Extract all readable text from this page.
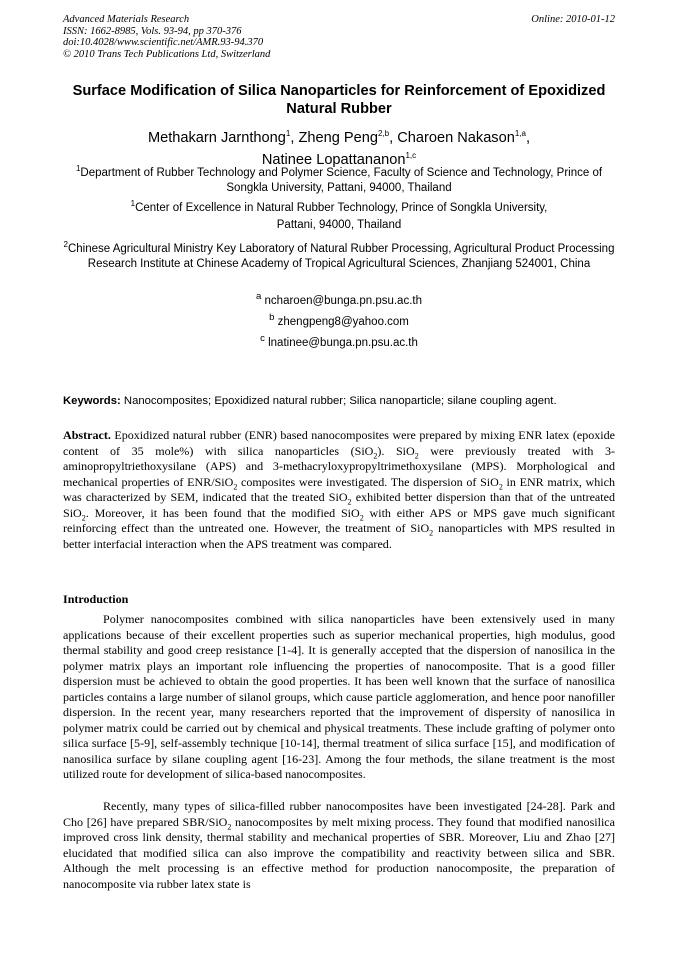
Advanced Materials Research
ISSN: 1662-8985, Vols. 93-94, pp 370-376
doi:10.4028/www.scientific.net/AMR.93-94.370
© 2010 Trans Tech Publications Ltd, Switzerland
Online: 2010-01-12
Surface Modification of Silica Nanoparticles for Reinforcement of Epoxidized Natural Rubber
Methakarn Jarnthong$^1$, Zheng Peng$^{2,b}$, Charoen Nakason$^{1,a}$,
Natinee Lopattananon$^{1,c}$
$^1$Department of Rubber Technology and Polymer Science, Faculty of Science and Technology, Prince of Songkla University, Pattani, 94000, Thailand
$^1$Center of Excellence in Natural Rubber Technology, Prince of Songkla University,
Pattani, 94000, Thailand
$^2$Chinese Agricultural Ministry Key Laboratory of Natural Rubber Processing, Agricultural Product Processing Research Institute at Chinese Academy of Tropical Agricultural Sciences, Zhanjiang 524001, China
$^a$ ncharoen@bunga.pn.psu.ac.th
$^b$ zhengpeng8@yahoo.com
$^c$ lnatinee@bunga.pn.psu.ac.th
Keywords: Nanocomposites; Epoxidized natural rubber; Silica nanoparticle; silane coupling agent.
Abstract. Epoxidized natural rubber (ENR) based nanocomposites were prepared by mixing ENR latex (epoxide content of 35 mole%) with silica nanoparticles (SiO$_2$). SiO$_2$ were previously treated with 3-aminopropyltriethoxysilane (APS) and 3-methacryloxypropyltrimethoxysilane (MPS). Morphological and mechanical properties of ENR/SiO$_2$ composites were investigated. The dispersion of SiO$_2$ in ENR matrix, which was characterized by SEM, indicated that the treated SiO$_2$ exhibited better dispersion than that of the untreated SiO$_2$. Moreover, it has been found that the modified SiO$_2$ with either APS or MPS gave much significant reinforcing effect than the untreated one. However, the treatment of SiO$_2$ nanoparticles with MPS resulted in better interfacial interaction when the APS treatment was compared.
Introduction
Polymer nanocomposites combined with silica nanoparticles have been extensively used in many applications because of their excellent properties such as superior mechanical properties, high modulus, good thermal stability and good creep resistance [1-4]. It is generally accepted that the dispersion of nanosilica in the polymer matrix plays an important role influencing the properties of nanocomposite. That is a good filler dispersion must be achieved to obtain the good properties. It has been well known that the surface of nanosilica particles contains a large number of silanol groups, which cause particle agglomeration, and hence poor nanofiller dispersion. In the recent year, many researchers reported that the improvement of dispersity of nanosilica in polymer matrix could be carried out by chemical and physical treatments. These include grafting of polymer onto silica surface [5-9], self-assembly technique [10-14], thermal treatment of silica surface [15], and modification of nanosilica surface by silane coupling agent [16-23]. Among the four methods, the silane treatment is the most utilized route for development of silica-based nanocomposites.
Recently, many types of silica-filled rubber nanocomposites have been investigated [24-28]. Park and Cho [26] have prepared SBR/SiO$_2$ nanocomposites by melt mixing process. They found that modified nanosilica improved cross link density, thermal stability and mechanical properties of SBR. Moreover, Liu and Zhao [27] elucidated that modified silica can also improve the compatibility and reactivity between silica and SBR. Although the melt processing is an effective method for production nanocomposite, the preparation of nanocomposite via rubber latex state is
